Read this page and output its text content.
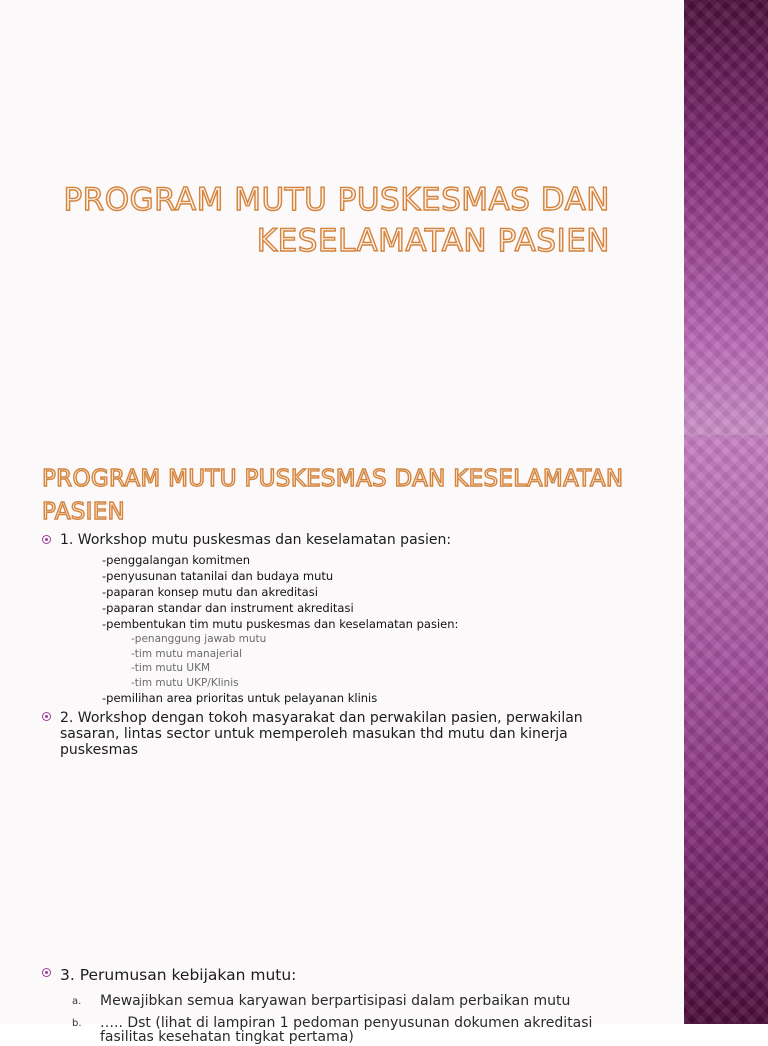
PROGRAM MUTU PUSKESMAS DAN
KESELAMATAN PASIEN
PROGRAM MUTU PUSKESMAS DAN KESELAMATAN
PASIEN
1. Workshop mutu puskesmas dan keselamatan pasien:
-penggalangan komitmen
-penyusunan tatanilai dan budaya mutu
-paparan konsep mutu dan akreditasi
-paparan standar dan instrument akreditasi
-pembentukan tim mutu puskesmas dan keselamatan pasien:
-penanggung jawab mutu
-tim mutu manajerial
-tim mutu UKM
-tim mutu UKP/Klinis
-pemilihan area prioritas untuk pelayanan klinis
2. Workshop dengan tokoh masyarakat dan perwakilan pasien, perwakilan
sasaran, lintas sector untuk memperoleh masukan thd mutu dan kinerja
puskesmas
3. Perumusan kebijakan mutu:
a. Mewajibkan semua karyawan berpartisipasi dalam perbaikan mutu
b. ….. Dst (lihat di lampiran 1 pedoman penyusunan dokumen akreditasi
fasilitas kesehatan tingkat pertama)
